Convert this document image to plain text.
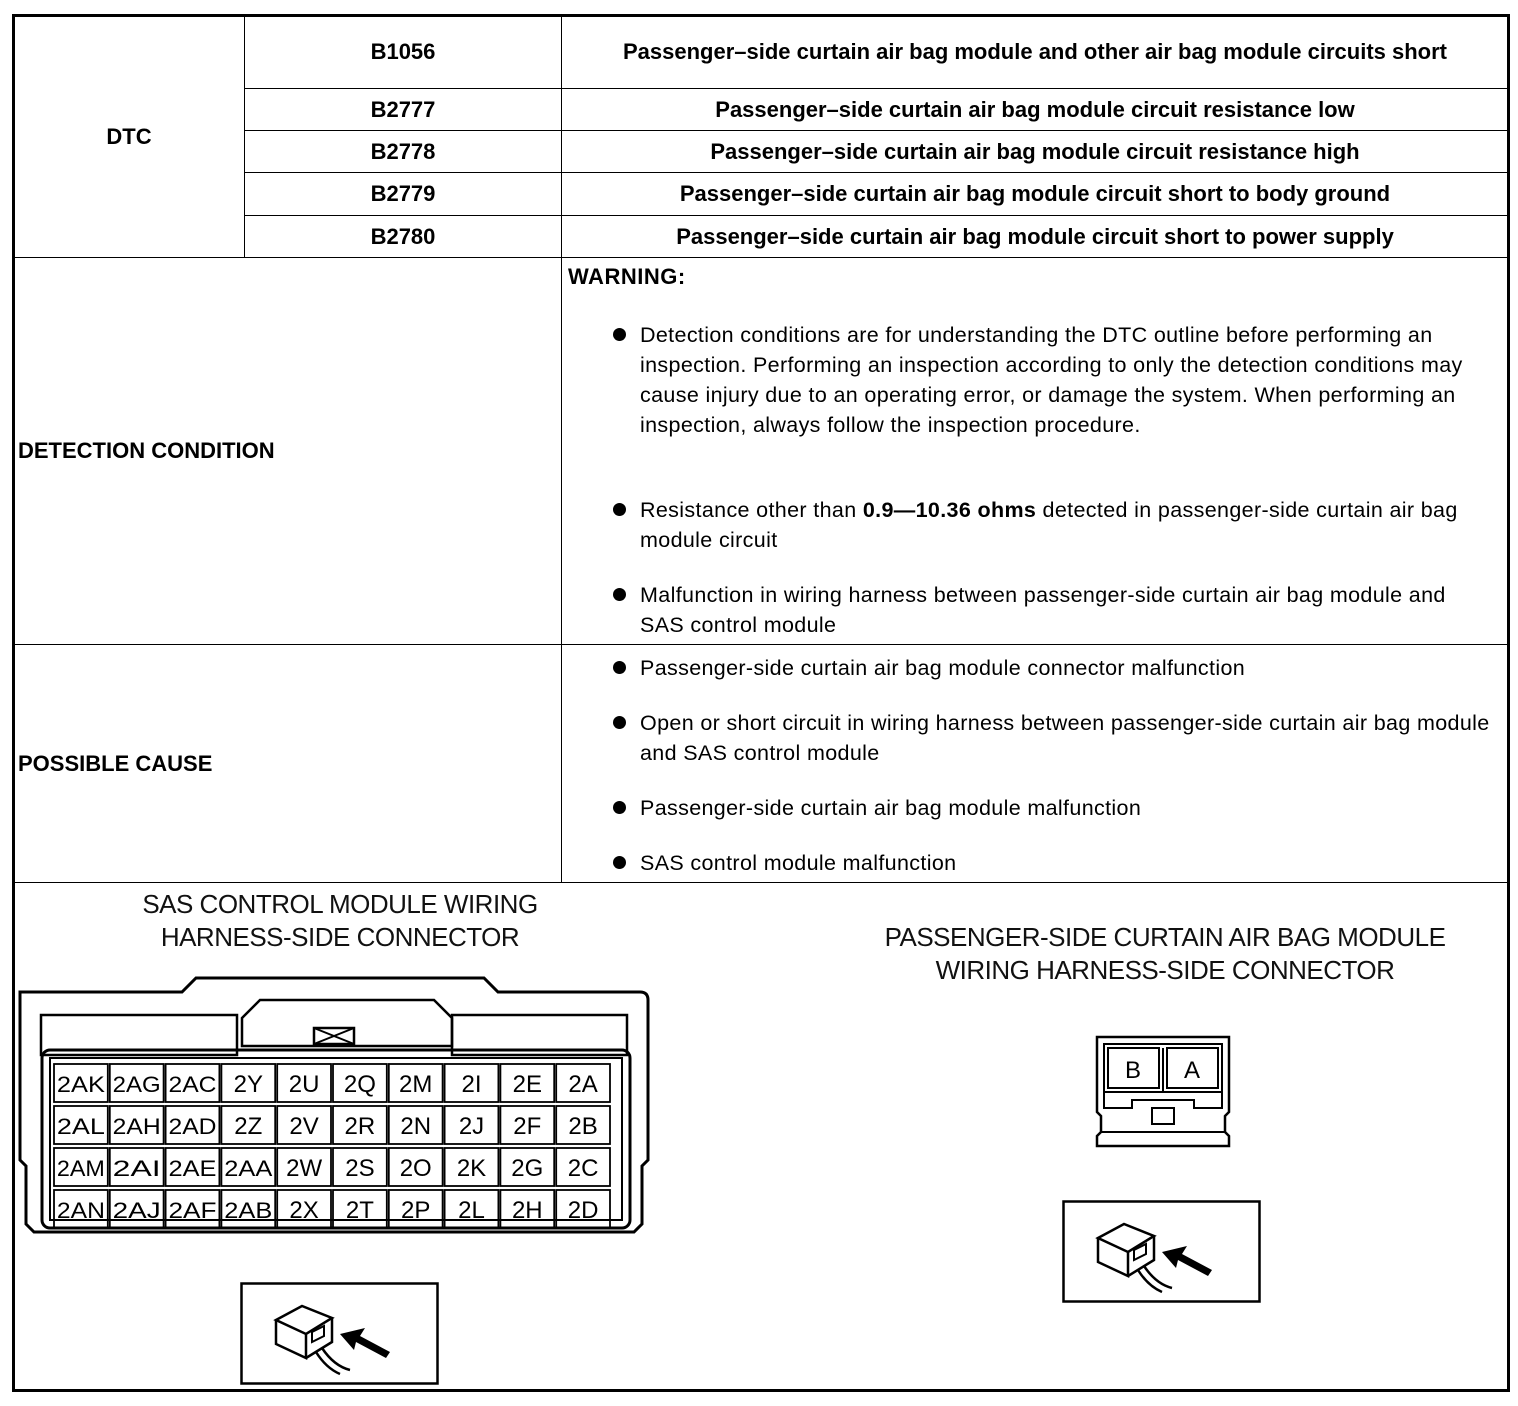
DTC
B1056
B2777
B2778
B2779
B2780
Passenger–side curtain air bag module and other air bag module circuits short
Passenger–side curtain air bag module circuit resistance low
Passenger–side curtain air bag module circuit resistance high
Passenger–side curtain air bag module circuit short to body ground
Passenger–side curtain air bag module circuit short to power supply
DETECTION CONDITION
WARNING:
Detection conditions are for understanding the DTC outline before performing an inspection. Performing an inspection according to only the detection conditions may cause injury due to an operating error, or damage the system. When performing an inspection, always follow the inspection procedure.
Resistance other than 0.9—10.36 ohms detected in passenger-side curtain air bag module circuit
Malfunction in wiring harness between passenger-side curtain air bag module and SAS control module
POSSIBLE CAUSE
Passenger-side curtain air bag module connector malfunction
Open or short circuit in wiring harness between passenger-side curtain air bag module and SAS control module
Passenger-side curtain air bag module malfunction
SAS control module malfunction
SAS CONTROL MODULE WIRING
HARNESS-SIDE CONNECTOR	PASSENGER-SIDE CURTAIN AIR BAG MODULE
WIRING HARNESS-SIDE CONNECTOR
2AK 2AG 2AC 2Y 2U 2Q 2M 2I 2E 2A
2AL 2AH 2AD 2Z 2V 2R 2N 2J 2F 2B
2AM 2AI 2AE 2AA 2W 2S 2O 2K 2G 2C
2AN 2AJ 2AF 2AB 2X 2T 2P 2L 2H 2D
B A
